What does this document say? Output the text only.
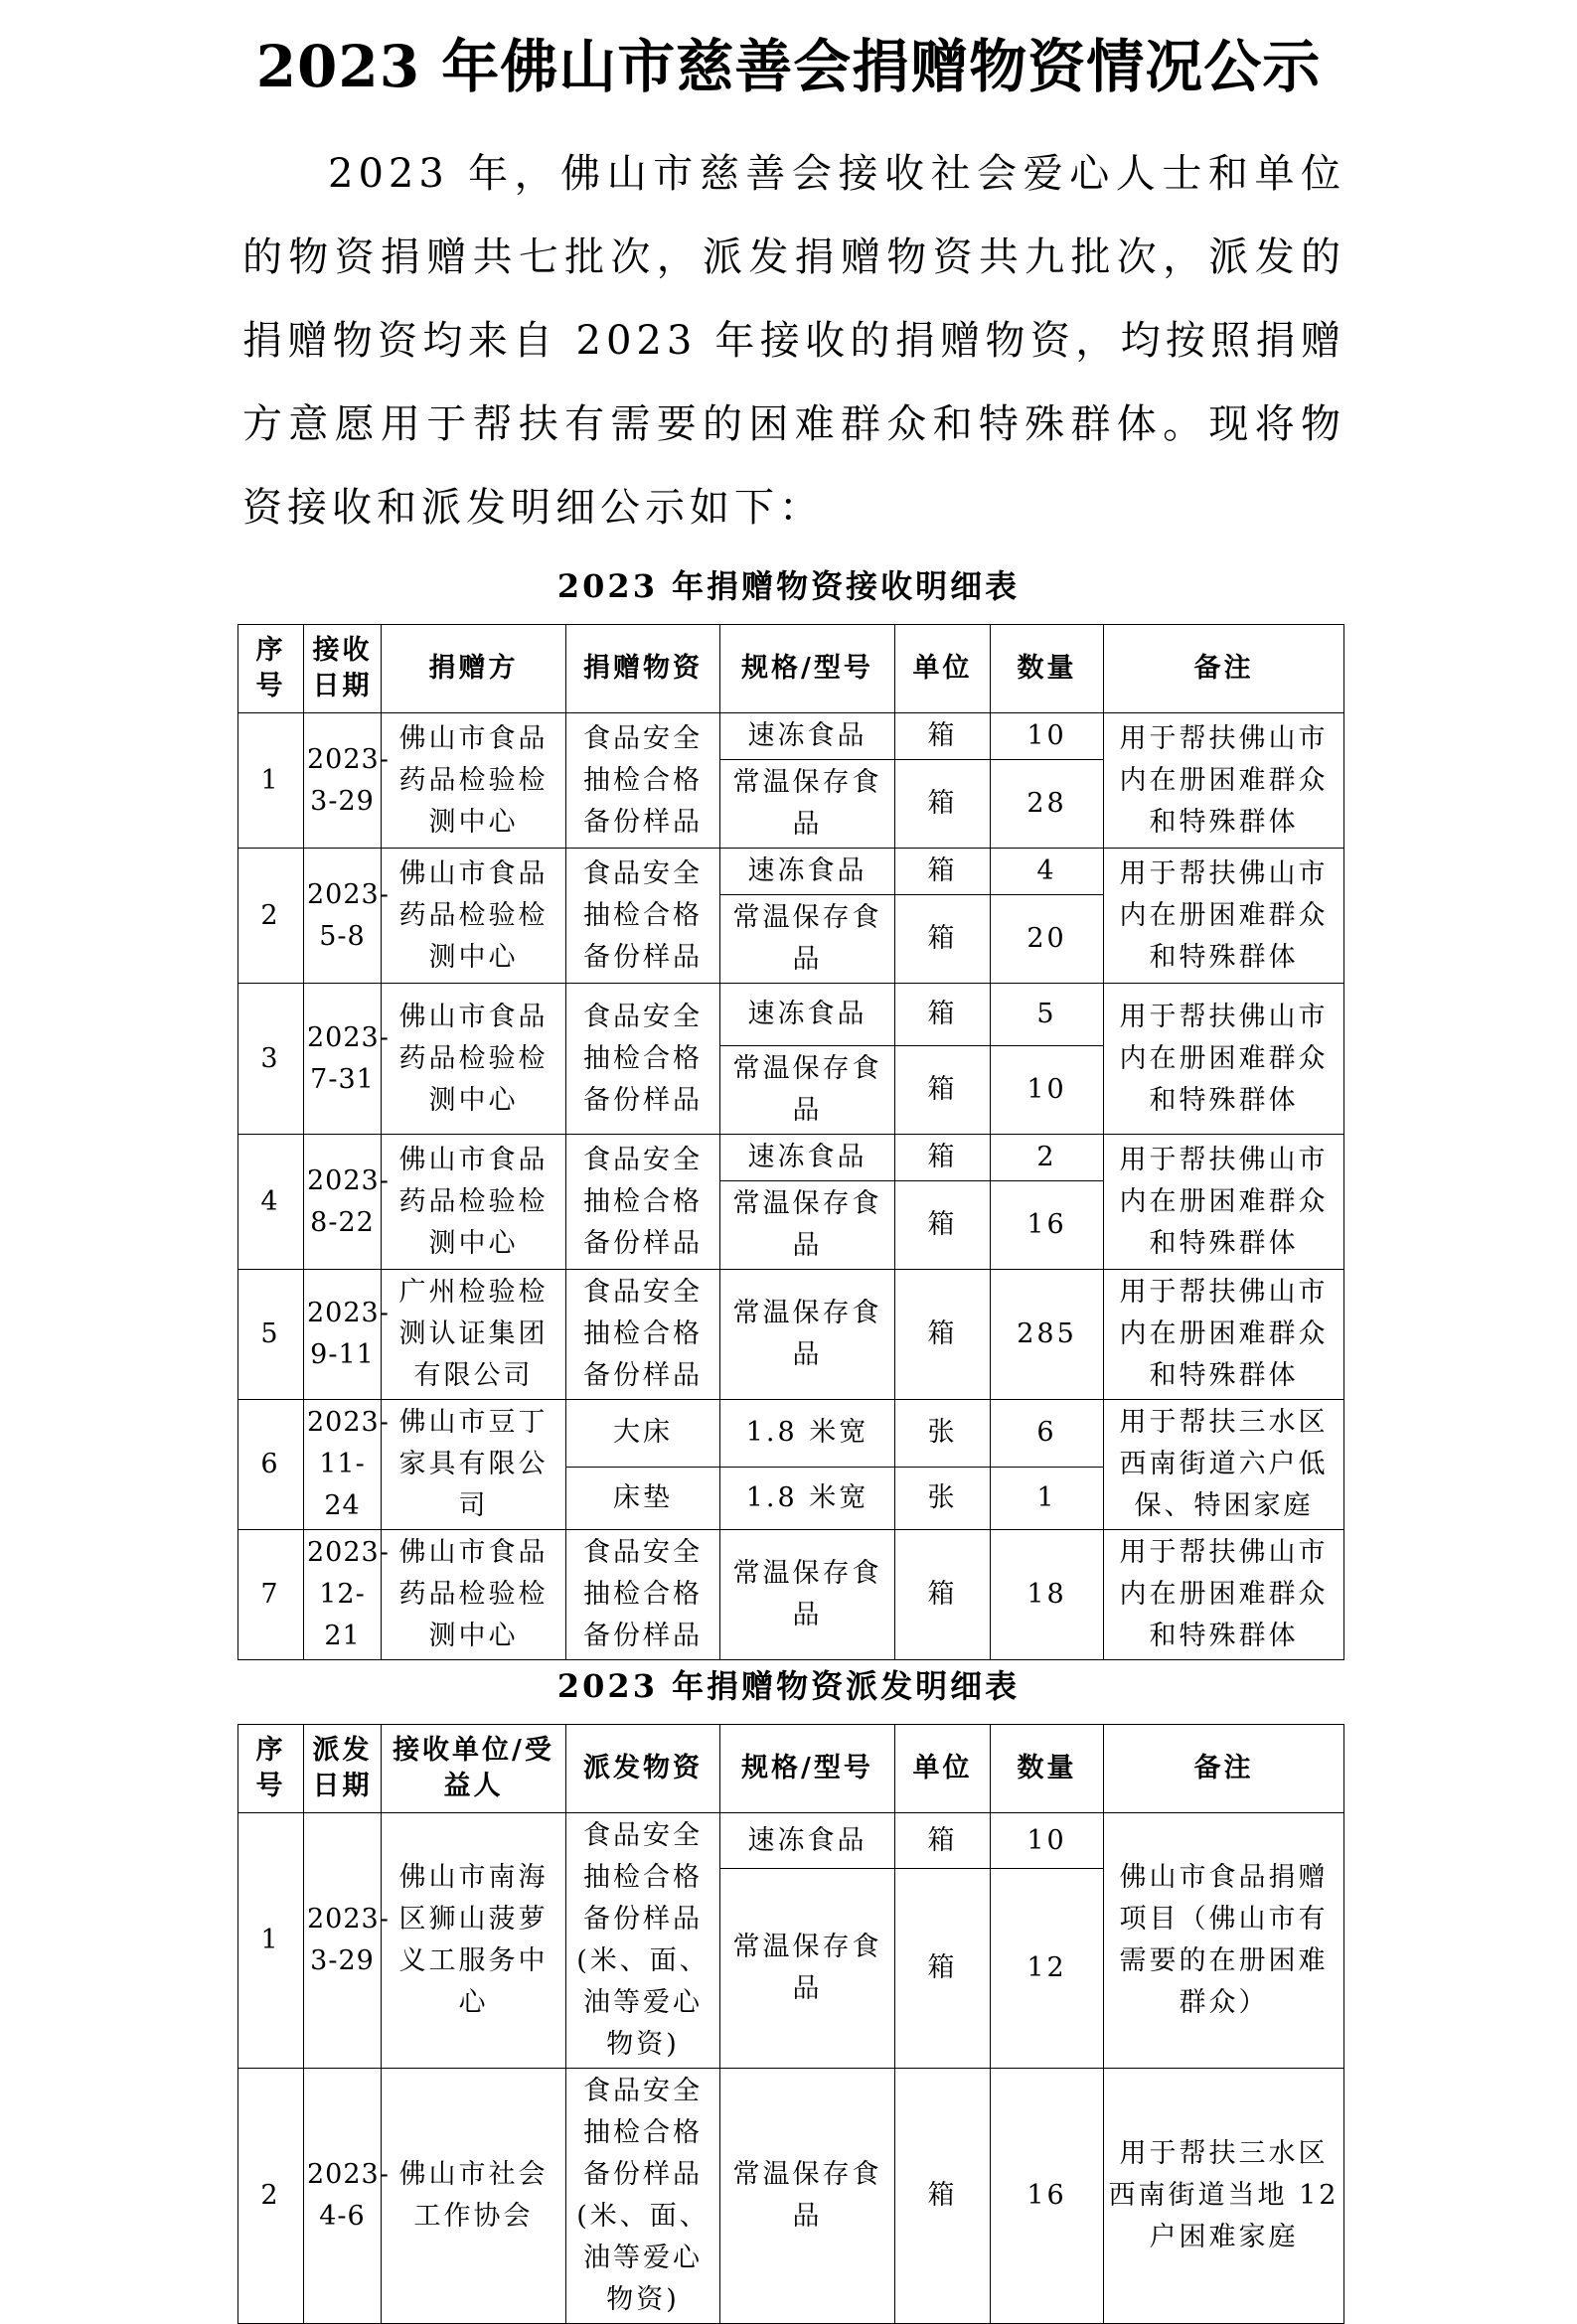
2023 年佛山市慈善会捐赠物资情况公示

2023 年，佛山市慈善会接收社会爱心人士和单位的物资捐赠共七批次，派发捐赠物资共九批次，派发的捐赠物资均来自 2023 年接收的捐赠物资，均按照捐赠方意愿用于帮扶有需要的困难群众和特殊群体。现将物资接收和派发明细公示如下：

2023 年捐赠物资接收明细表
序号	接收日期	捐赠方	捐赠物资	规格/型号	单位	数量	备注
1	2023-3-29	佛山市食品药品检验检测中心	食品安全抽检合格备份样品	速冻食品	箱	10	用于帮扶佛山市内在册困难群众和特殊群体
				常温保存食品	箱	28	
2	2023-5-8	佛山市食品药品检验检测中心	食品安全抽检合格备份样品	速冻食品	箱	4	用于帮扶佛山市内在册困难群众和特殊群体
				常温保存食品	箱	20	
3	2023-7-31	佛山市食品药品检验检测中心	食品安全抽检合格备份样品	速冻食品	箱	5	用于帮扶佛山市内在册困难群众和特殊群体
				常温保存食品	箱	10	
4	2023-8-22	佛山市食品药品检验检测中心	食品安全抽检合格备份样品	速冻食品	箱	2	用于帮扶佛山市内在册困难群众和特殊群体
				常温保存食品	箱	16	
5	2023-9-11	广州检验检测认证集团有限公司	食品安全抽检合格备份样品	常温保存食品	箱	285	用于帮扶佛山市内在册困难群众和特殊群体
6	2023-11-24	佛山市豆丁家具有限公司	大床	1.8 米宽	张	6	用于帮扶三水区西南街道六户低保、特困家庭
			床垫	1.8 米宽	张	1	
7	2023-12-21	佛山市食品药品检验检测中心	食品安全抽检合格备份样品	常温保存食品	箱	18	用于帮扶佛山市内在册困难群众和特殊群体
2023 年捐赠物资派发明细表
序号	派发日期	接收单位/受益人	派发物资	规格/型号	单位	数量	备注
1	2023-3-29	佛山市南海区狮山菠萝义工服务中心	食品安全抽检合格备份样品(米、面、油等爱心物资)	速冻食品	箱	10	佛山市食品捐赠项目（佛山市有需要的在册困难群众）
				常温保存食品	箱	12	
2	2023-4-6	佛山市社会工作协会	食品安全抽检合格备份样品(米、面、油等爱心物资)	常温保存食品	箱	16	用于帮扶三水区西南街道当地 12 户困难家庭
